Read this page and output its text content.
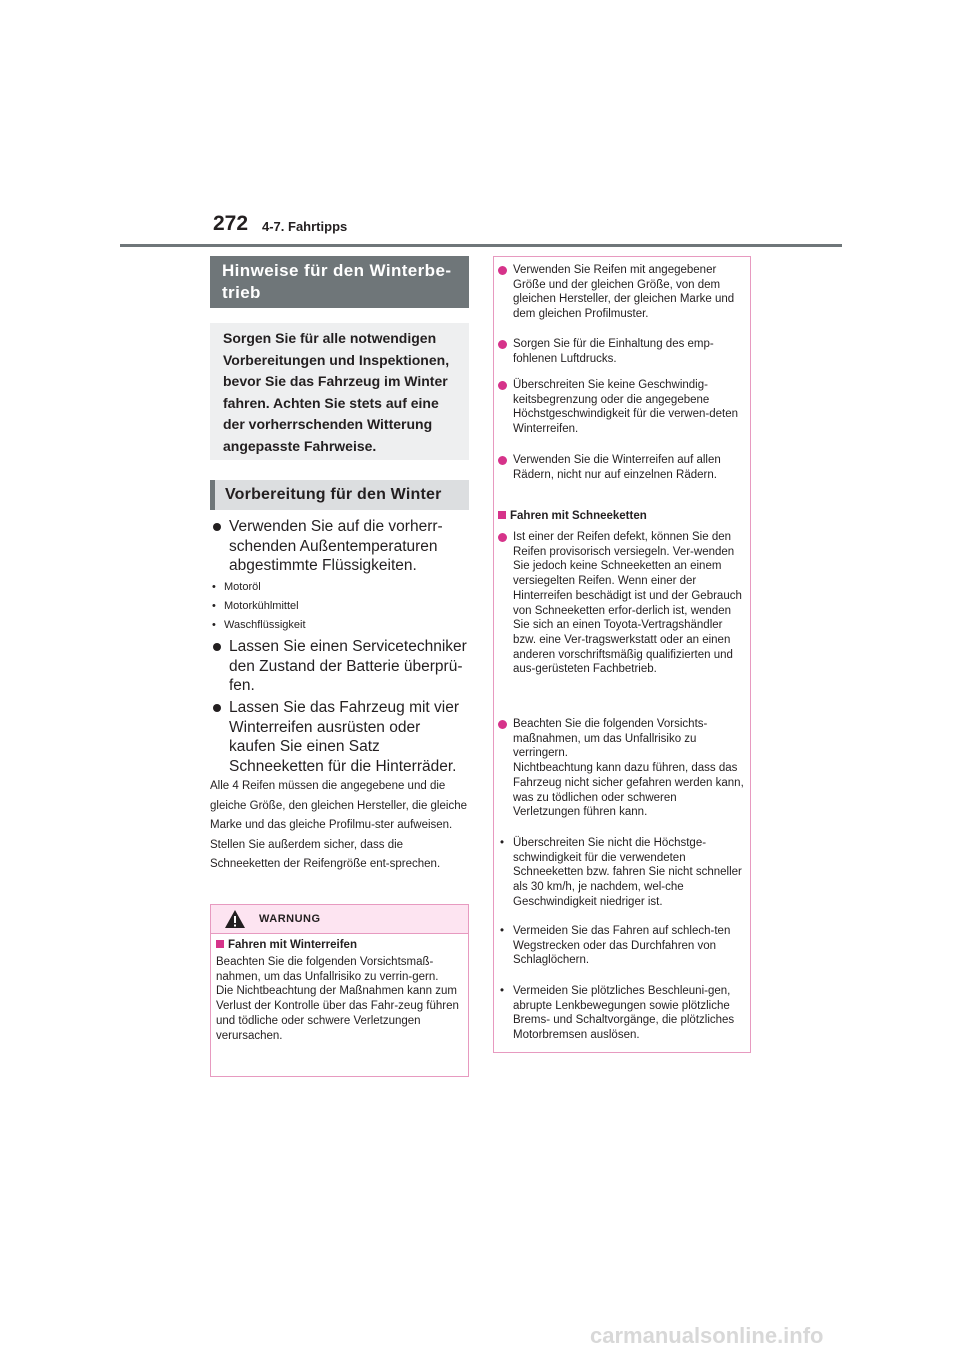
272 4-7. Fahrtipps
Hinweise für den Winterbe-trieb
Sorgen Sie für alle notwendigen Vorbereitungen und Inspektionen, bevor Sie das Fahrzeug im Winter fahren. Achten Sie stets auf eine der vorherrschenden Witterung angepasste Fahrweise.
Vorbereitung für den Winter
Verwenden Sie auf die vorherr-schenden Außentemperaturen abgestimmte Flüssigkeiten.
• Motoröl
• Motorkühlmittel
• Waschflüssigkeit
Lassen Sie einen Servicetechniker den Zustand der Batterie überprü-fen.
Lassen Sie das Fahrzeug mit vier Winterreifen ausrüsten oder kaufen Sie einen Satz Schneeketten für die Hinterräder.
Alle 4 Reifen müssen die angegebene und die gleiche Größe, den gleichen Hersteller, die gleiche Marke und das gleiche Profilmu-ster aufweisen. Stellen Sie außerdem sicher, dass die Schneeketten der Reifengröße ent-sprechen.
WARNUNG
Fahren mit Winterreifen
Beachten Sie die folgenden Vorsichtsmaß-nahmen, um das Unfallrisiko zu verrin-gern.
Die Nichtbeachtung der Maßnahmen kann zum Verlust der Kontrolle über das Fahr-zeug führen und tödliche oder schwere Verletzungen verursachen.
Verwenden Sie Reifen mit angegebener Größe und der gleichen Größe, von dem gleichen Hersteller, der gleichen Marke und dem gleichen Profilmuster.
Sorgen Sie für die Einhaltung des emp-fohlenen Luftdrucks.
Überschreiten Sie keine Geschwindig-keitsbegrenzung oder die angegebene Höchstgeschwindigkeit für die verwen-deten Winterreifen.
Verwenden Sie die Winterreifen auf allen Rädern, nicht nur auf einzelnen Rädern.
Fahren mit Schneeketten
Ist einer der Reifen defekt, können Sie den Reifen provisorisch versiegeln. Ver-wenden Sie jedoch keine Schneeketten an einem versiegelten Reifen. Wenn einer der Hinterreifen beschädigt ist und der Gebrauch von Schneeketten erfor-derlich ist, wenden Sie sich an einen Toyota-Vertragshändler bzw. eine Ver-tragswerkstatt oder an einen anderen vorschriftsmäßig qualifizierten und aus-gerüsteten Fachbetrieb.
Beachten Sie die folgenden Vorsichts-maßnahmen, um das Unfallrisiko zu verringern.
Nichtbeachtung kann dazu führen, dass das Fahrzeug nicht sicher gefahren werden kann, was zu tödlichen oder schweren Verletzungen führen kann.
• Überschreiten Sie nicht die Höchstge-schwindigkeit für die verwendeten Schneeketten bzw. fahren Sie nicht schneller als 30 km/h, je nachdem, wel-che Geschwindigkeit niedriger ist.
• Vermeiden Sie das Fahren auf schlech-ten Wegstrecken oder das Durchfahren von Schlaglöchern.
• Vermeiden Sie plötzliches Beschleuni-gen, abrupte Lenkbewegungen sowie plötzliche Brems- und Schaltvorgänge, die plötzliches Motorbremsen auslösen.
carmanualsonline.info
